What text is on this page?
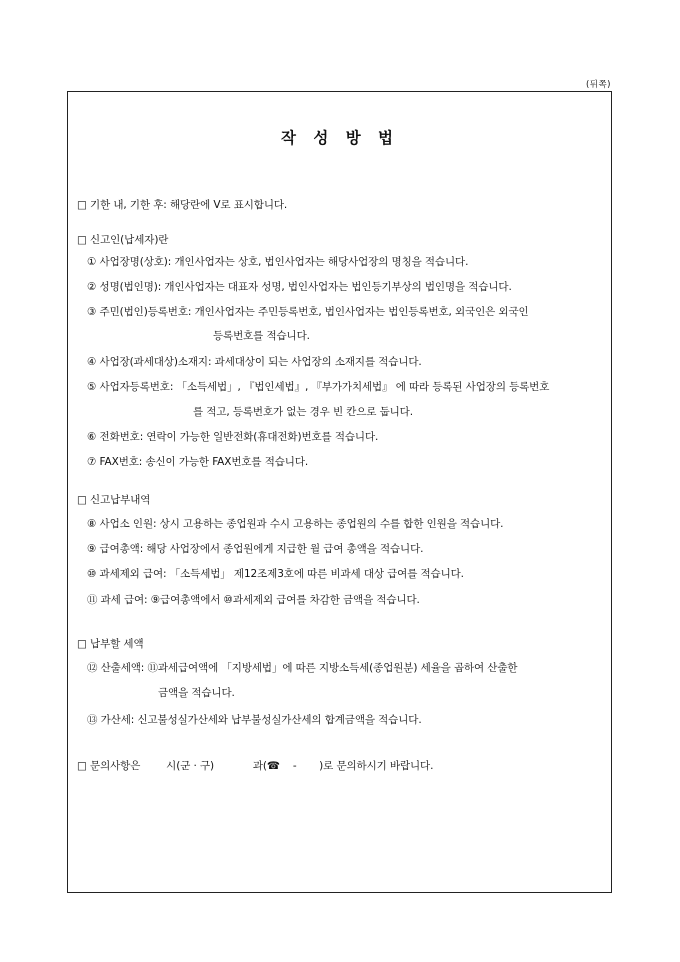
(뒤쪽)
작 성 방 법
□ 기한 내, 기한 후: 해당란에 V로 표시합니다.
□ 신고인(납세자)란
① 사업장명(상호): 개인사업자는 상호, 법인사업자는 해당사업장의 명칭을 적습니다.
② 성명(법인명): 개인사업자는 대표자 성명, 법인사업자는 법인등기부상의 법인명을 적습니다.
③ 주민(법인)등록번호: 개인사업자는 주민등록번호, 법인사업자는 법인등록번호, 외국인은 외국인
등록번호를 적습니다.
④ 사업장(과세대상)소재지: 과세대상이 되는 사업장의 소재지를 적습니다.
⑤ 사업자등록번호: 「소득세법」, 『법인세법』, 『부가가치세법』 에 따라 등록된 사업장의 등록번호
를 적고, 등록번호가 없는 경우 빈 칸으로 둡니다.
⑥ 전화번호: 연락이 가능한 일반전화(휴대전화)번호를 적습니다.
⑦ FAX번호: 송신이 가능한 FAX번호를 적습니다.
□ 신고납부내역
⑧ 사업소 인원: 상시 고용하는 종업원과 수시 고용하는 종업원의 수를 합한 인원을 적습니다.
⑨ 급여총액: 해당 사업장에서 종업원에게 지급한 월 급여 총액을 적습니다.
⑩ 과세제외 급여: 「소득세법」 제12조제3호에 따른 비과세 대상 급여를 적습니다.
⑪ 과세 급여: ⑨급여총액에서 ⑩과세제외 급여를 차감한 금액을 적습니다.
□ 납부할 세액
⑫ 산출세액: ⑪과세급여액에 「지방세법」에 따른 지방소득세(종업원분) 세율을 곱하여 산출한
금액을 적습니다.
⑬ 가산세: 신고불성실가산세와 납부불성실가산세의 합계금액을 적습니다.
□ 문의사항은        시(군 · 구)            과(☎    -       )로 문의하시기 바랍니다.
